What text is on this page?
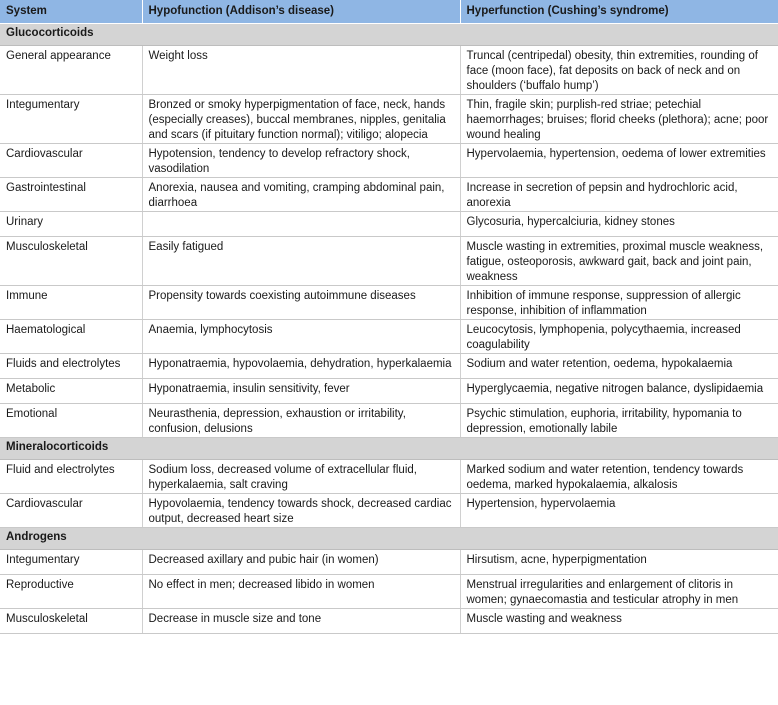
System	Hypofunction (Addison’s disease)	Hyperfunction (Cushing’s syndrome)
Glucocorticoids		
General appearance	Weight loss	Truncal (centripedal) obesity, thin extremities, rounding of face (moon face), fat deposits on back of neck and on shoulders (‘buffalo hump’)
Integumentary	Bronzed or smoky hyperpigmentation of face, neck, hands (especially creases), buccal membranes, nipples, genitalia and scars (if pituitary function normal); vitiligo; alopecia	Thin, fragile skin; purplish-red striae; petechial haemorrhages; bruises; florid cheeks (plethora); acne; poor wound healing
Cardiovascular	Hypotension, tendency to develop refractory shock, vasodilation	Hypervolaemia, hypertension, oedema of lower extremities
Gastrointestinal	Anorexia, nausea and vomiting, cramping abdominal pain, diarrhoea	Increase in secretion of pepsin and hydrochloric acid, anorexia
Urinary		Glycosuria, hypercalciuria, kidney stones
Musculoskeletal	Easily fatigued	Muscle wasting in extremities, proximal muscle weakness, fatigue, osteoporosis, awkward gait, back and joint pain, weakness
Immune	Propensity towards coexisting autoimmune diseases	Inhibition of immune response, suppression of allergic response, inhibition of inflammation
Haematological	Anaemia, lymphocytosis	Leucocytosis, lymphopenia, polycythaemia, increased coagulability
Fluids and electrolytes	Hyponatraemia, hypovolaemia, dehydration, hyperkalaemia	Sodium and water retention, oedema, hypokalaemia
Metabolic	Hyponatraemia, insulin sensitivity, fever	Hyperglycaemia, negative nitrogen balance, dyslipidaemia
Emotional	Neurasthenia, depression, exhaustion or irritability, confusion, delusions	Psychic stimulation, euphoria, irritability, hypomania to depression, emotionally labile
Mineralocorticoids		
Fluid and electrolytes	Sodium loss, decreased volume of extracellular fluid, hyperkalaemia, salt craving	Marked sodium and water retention, tendency towards oedema, marked hypokalaemia, alkalosis
Cardiovascular	Hypovolaemia, tendency towards shock, decreased cardiac output, decreased heart size	Hypertension, hypervolaemia
Androgens		
Integumentary	Decreased axillary and pubic hair (in women)	Hirsutism, acne, hyperpigmentation
Reproductive	No effect in men; decreased libido in women	Menstrual irregularities and enlargement of clitoris in women; gynaecomastia and testicular atrophy in men
Musculoskeletal	Decrease in muscle size and tone	Muscle wasting and weakness
